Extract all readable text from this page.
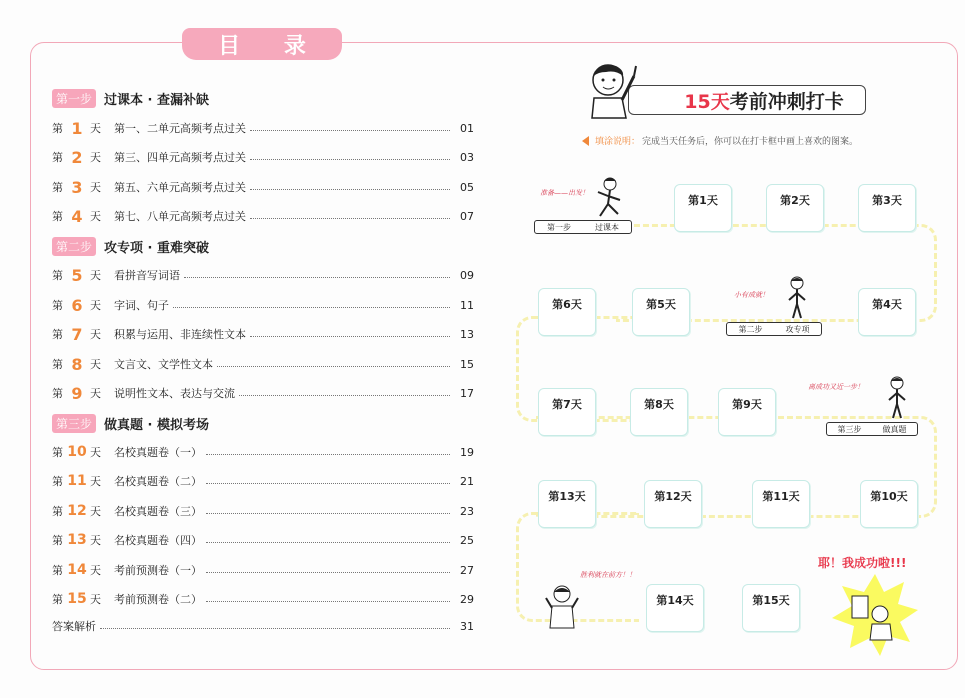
目 录
第一步 过课本 · 查漏补缺
第二步 攻专项 · 重难突破
第三步 做真题 · 模拟考场
第 1 天	第一、二单元高频考点过关	01
第 2 天	第三、四单元高频考点过关	03
第 3 天	第五、六单元高频考点过关	05
第 4 天	第七、八单元高频考点过关	07
第 5 天	看拼音写词语	09
第 6 天	字词、句子	11
第 7 天	积累与运用、非连续性文本	13
第 8 天	文言文、文学性文本	15
第 9 天	说明性文本、表达与交流	17
第 10 天	名校真题卷（一）	19
第 11 天	名校真题卷（二）	21
第 12 天	名校真题卷（三）	23
第 13 天	名校真题卷（四）	25
第 14 天	考前预测卷（一）	27
第 15 天	考前预测卷（二）	29
答案解析	31
15天 考前冲刺打卡
填涂说明： 完成当天任务后，你可以在打卡框中画上喜欢的图案。
第1天	第2天	第3天
第4天
第5天
第6天
第7天	第8天	第9天
第10天
第11天
第12天
第13天
第14天	第15天
第一步	过课本
第二步	攻专项
第三步	做真题
准备——出发！
小有成就！
离成功又近一步！
胜利就在前方！！
耶！我成功啦!!!
